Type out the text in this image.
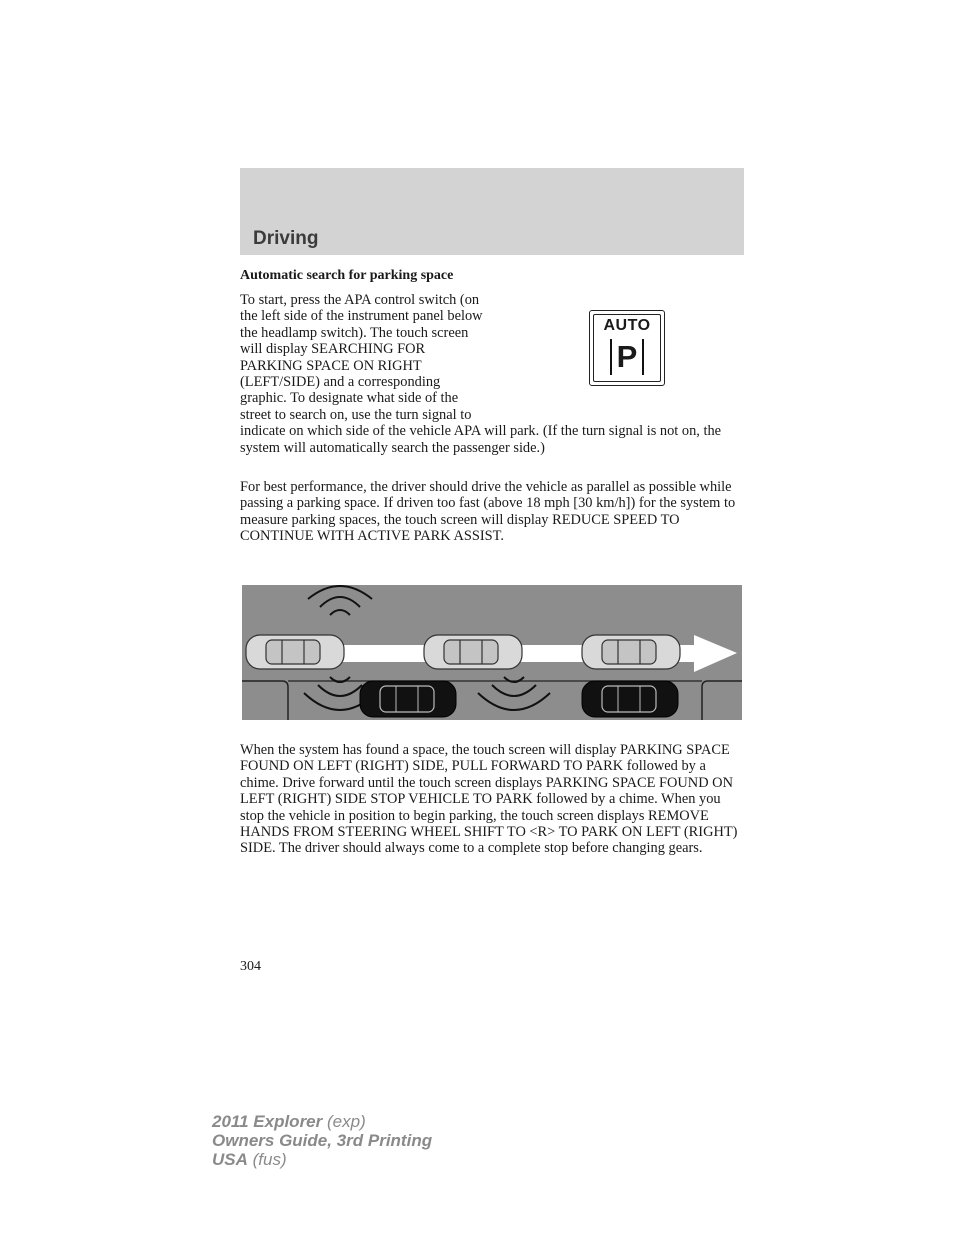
Driving
Automatic search for parking space

To start, press the APA control switch (on the left side of the instrument panel below the headlamp switch). The touch screen will display SEARCHING FOR PARKING SPACE ON RIGHT (LEFT/SIDE) and a corresponding graphic. To designate what side of the street to search on, use the turn signal to indicate on which side of the vehicle APA will park. (If the turn signal is not on, the system will automatically search the passenger side.)

AUTO
P

For best performance, the driver should drive the vehicle as parallel as possible while passing a parking space. If driven too fast (above 18 mph [30 km/h]) for the system to measure parking spaces, the touch screen will display REDUCE SPEED TO CONTINUE WITH ACTIVE PARK ASSIST.

When the system has found a space, the touch screen will display PARKING SPACE FOUND ON LEFT (RIGHT) SIDE, PULL FORWARD TO PARK followed by a chime. Drive forward until the touch screen displays PARKING SPACE FOUND ON LEFT (RIGHT) SIDE STOP VEHICLE TO PARK followed by a chime. When you stop the vehicle in position to begin parking, the touch screen displays REMOVE HANDS FROM STEERING WHEEL SHIFT TO <R> TO PARK ON LEFT (RIGHT) SIDE. The driver should always come to a complete stop before changing gears.

304

2011 Explorer (exp)
Owners Guide, 3rd Printing
USA (fus)
